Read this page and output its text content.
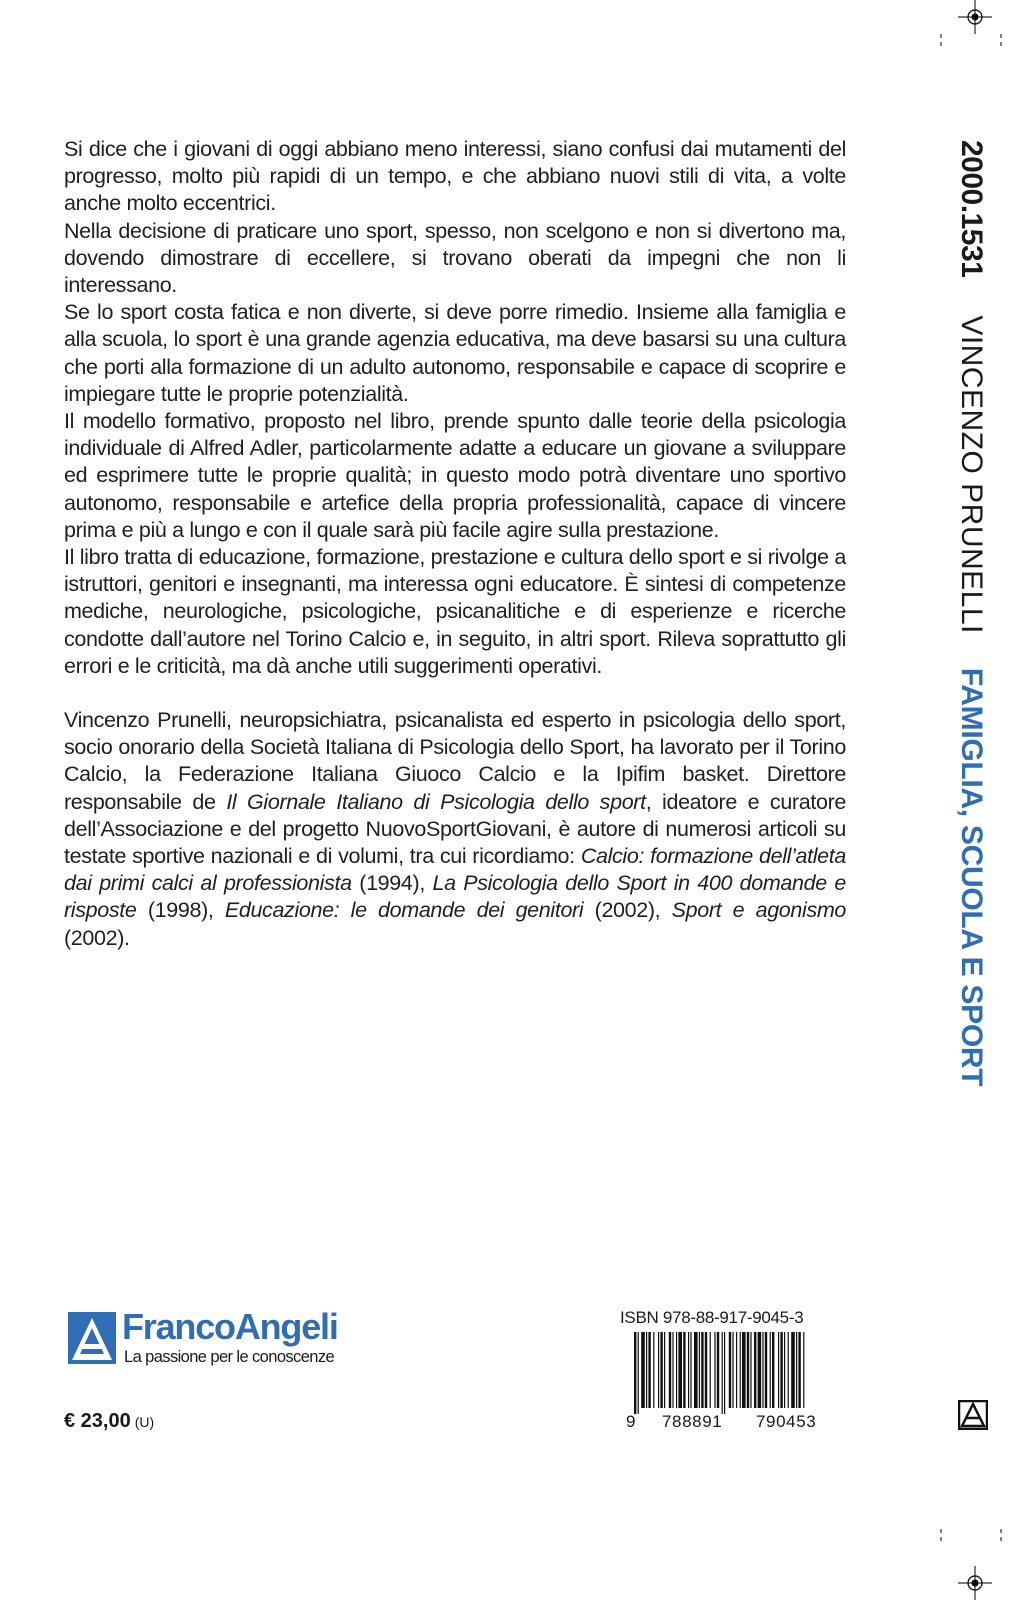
Si dice che i giovani di oggi abbiano meno interessi, siano confusi dai mutamenti del progresso, molto più rapidi di un tempo, e che abbiano nuovi stili di vita, a volte anche molto eccentrici.

Nella decisione di praticare uno sport, spesso, non scelgono e non si divertono ma, dovendo dimostrare di eccellere, si trovano oberati da impegni che non li interessano.

Se lo sport costa fatica e non diverte, si deve porre rimedio. Insieme alla famiglia e alla scuola, lo sport è una grande agenzia educativa, ma deve basarsi su una cultura che porti alla formazione di un adulto autonomo, responsabile e capace di scoprire e impiegare tutte le proprie potenzialità.

Il modello formativo, proposto nel libro, prende spunto dalle teorie della psicologia individuale di Alfred Adler, particolarmente adatte a educare un giovane a sviluppare ed esprimere tutte le proprie qualità; in questo modo potrà diventare uno sportivo autonomo, responsabile e artefice della propria professionalità, capace di vincere prima e più a lungo e con il quale sarà più facile agire sulla prestazione.

Il libro tratta di educazione, formazione, prestazione e cultura dello sport e si rivolge a istruttori, genitori e insegnanti, ma interessa ogni educatore. È sintesi di competenze mediche, neurologiche, psicologiche, psicanalitiche e di esperienze e ricerche condotte dall’autore nel Torino Calcio e, in seguito, in altri sport. Rileva soprattutto gli errori e le criticità, ma dà anche utili suggerimenti operativi.

Vincenzo Prunelli, neuropsichiatra, psicanalista ed esperto in psicologia dello sport, socio onorario della Società Italiana di Psicologia dello Sport, ha lavorato per il Torino Calcio, la Federazione Italiana Giuoco Calcio e la Ipifim basket. Direttore responsabile de Il Giornale Italiano di Psicologia dello sport, ideatore e curatore dell’Associazione e del progetto NuovoSportGiovani, è autore di numerosi articoli su testate sportive nazionali e di volumi, tra cui ricordiamo: Calcio: formazione dell’atleta dai primi calci al professionista (1994), La Psicologia dello Sport in 400 domande e risposte (1998), Educazione: le domande dei genitori (2002), Sport e agonismo (2002).

2000.1531VINCENZO PRUNELLIFAMIGLIA, SCUOLA E SPORT
FrancoAngeli
La passione per le conoscenze
€ 23,00 (U)
ISBN 978-88-917-9045-3
9 788891 790453
